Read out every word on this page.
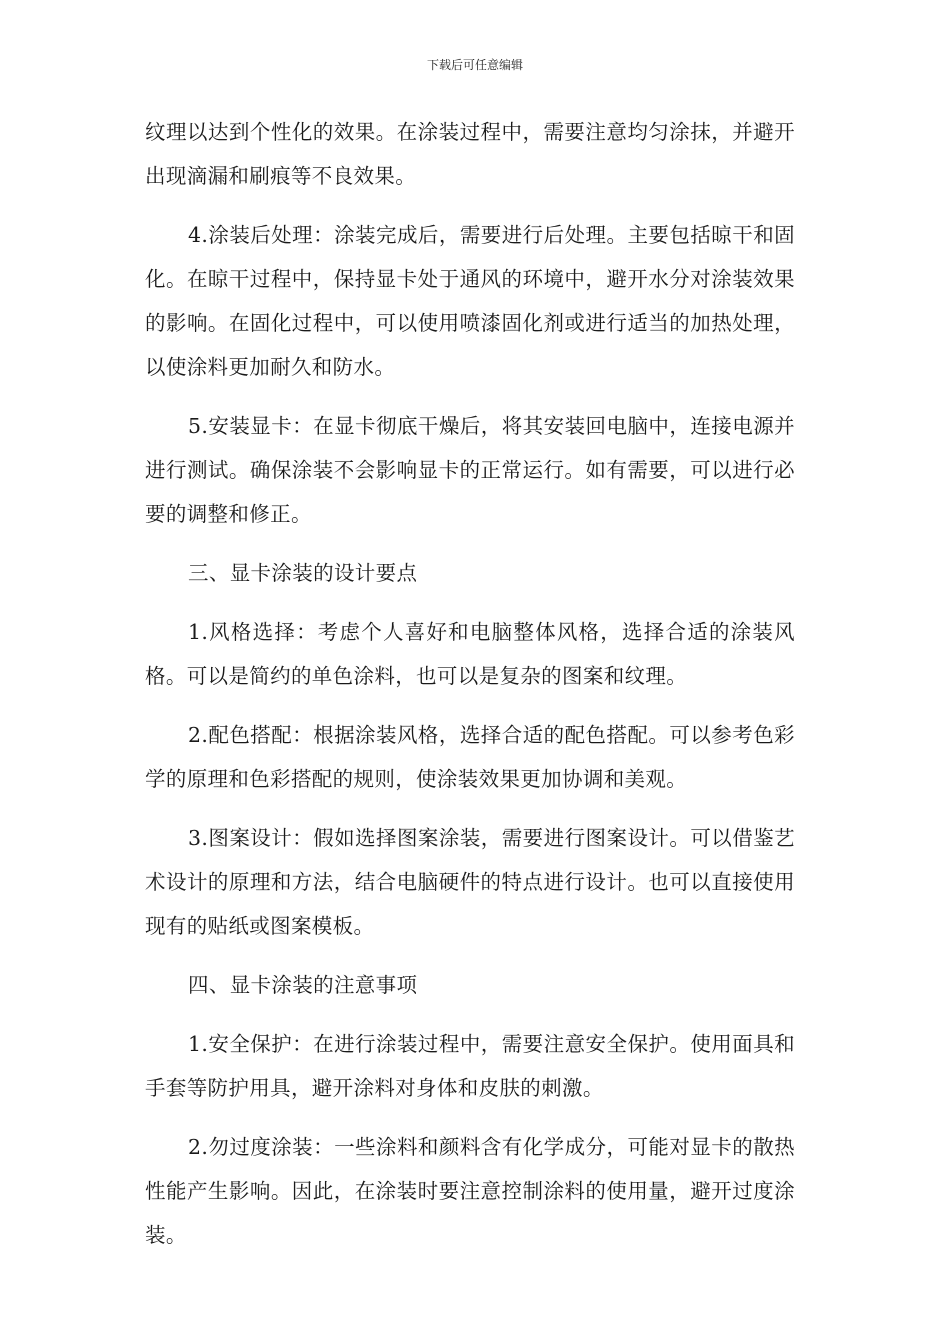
下载后可任意编辑

纹理以达到个性化的效果。在涂装过程中，需要注意均匀涂抹，并避开出现滴漏和刷痕等不良效果。

4.涂装后处理：涂装完成后，需要进行后处理。主要包括晾干和固化。在晾干过程中，保持显卡处于通风的环境中，避开水分对涂装效果的影响。在固化过程中，可以使用喷漆固化剂或进行适当的加热处理，以使涂料更加耐久和防水。

5.安装显卡：在显卡彻底干燥后，将其安装回电脑中，连接电源并进行测试。确保涂装不会影响显卡的正常运行。如有需要，可以进行必要的调整和修正。

三、显卡涂装的设计要点

1.风格选择：考虑个人喜好和电脑整体风格，选择合适的涂装风格。可以是简约的单色涂料，也可以是复杂的图案和纹理。

2.配色搭配：根据涂装风格，选择合适的配色搭配。可以参考色彩学的原理和色彩搭配的规则，使涂装效果更加协调和美观。

3.图案设计：假如选择图案涂装，需要进行图案设计。可以借鉴艺术设计的原理和方法，结合电脑硬件的特点进行设计。也可以直接使用现有的贴纸或图案模板。

四、显卡涂装的注意事项

1.安全保护：在进行涂装过程中，需要注意安全保护。使用面具和手套等防护用具，避开涂料对身体和皮肤的刺激。

2.勿过度涂装：一些涂料和颜料含有化学成分，可能对显卡的散热性能产生影响。因此，在涂装时要注意控制涂料的使用量，避开过度涂装。
